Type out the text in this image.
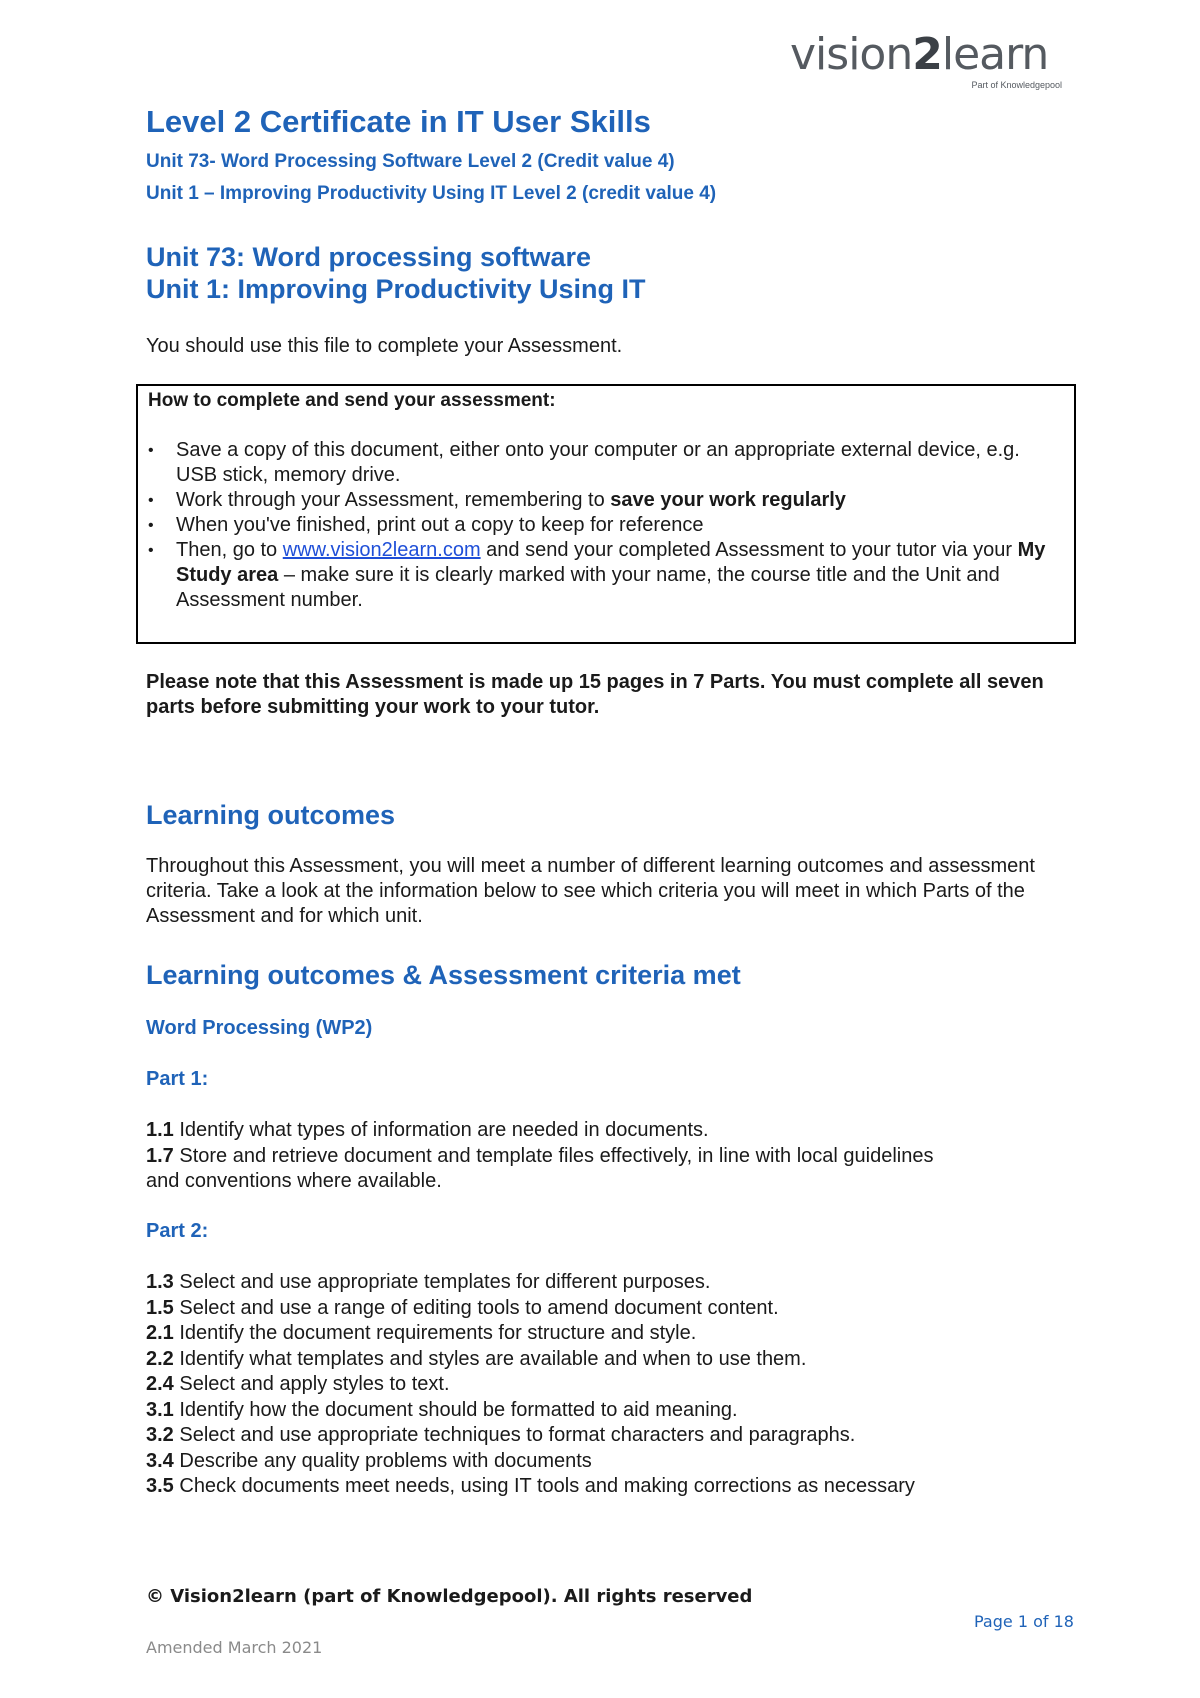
vision2learn
Part of Knowledgepool
Level 2 Certificate in IT User Skills
Unit 73- Word Processing Software Level 2 (Credit value 4)
Unit 1 – Improving Productivity Using IT Level 2 (credit value 4)
Unit 73: Word processing software
Unit 1: Improving Productivity Using IT
You should use this file to complete your Assessment.
How to complete and send your assessment:
• Save a copy of this document, either onto your computer or an appropriate external device, e.g. USB stick, memory drive.
• Work through your Assessment, remembering to save your work regularly
• When you've finished, print out a copy to keep for reference
• Then, go to www.vision2learn.com and send your completed Assessment to your tutor via your My Study area – make sure it is clearly marked with your name, the course title and the Unit and Assessment number.
Please note that this Assessment is made up 15 pages in 7 Parts. You must complete all seven parts before submitting your work to your tutor.
Learning outcomes
Throughout this Assessment, you will meet a number of different learning outcomes and assessment criteria. Take a look at the information below to see which criteria you will meet in which Parts of the Assessment and for which unit.
Learning outcomes & Assessment criteria met
Word Processing (WP2)
Part 1:
1.1 Identify what types of information are needed in documents.
1.7 Store and retrieve document and template files effectively, in line with local guidelines
and conventions where available.
Part 2:
1.3 Select and use appropriate templates for different purposes.
1.5 Select and use a range of editing tools to amend document content.
2.1 Identify the document requirements for structure and style.
2.2 Identify what templates and styles are available and when to use them.
2.4 Select and apply styles to text.
3.1 Identify how the document should be formatted to aid meaning.
3.2 Select and use appropriate techniques to format characters and paragraphs.
3.4 Describe any quality problems with documents
3.5 Check documents meet needs, using IT tools and making corrections as necessary
© Vision2learn (part of Knowledgepool). All rights reserved
Page 1 of 18
Amended March 2021
